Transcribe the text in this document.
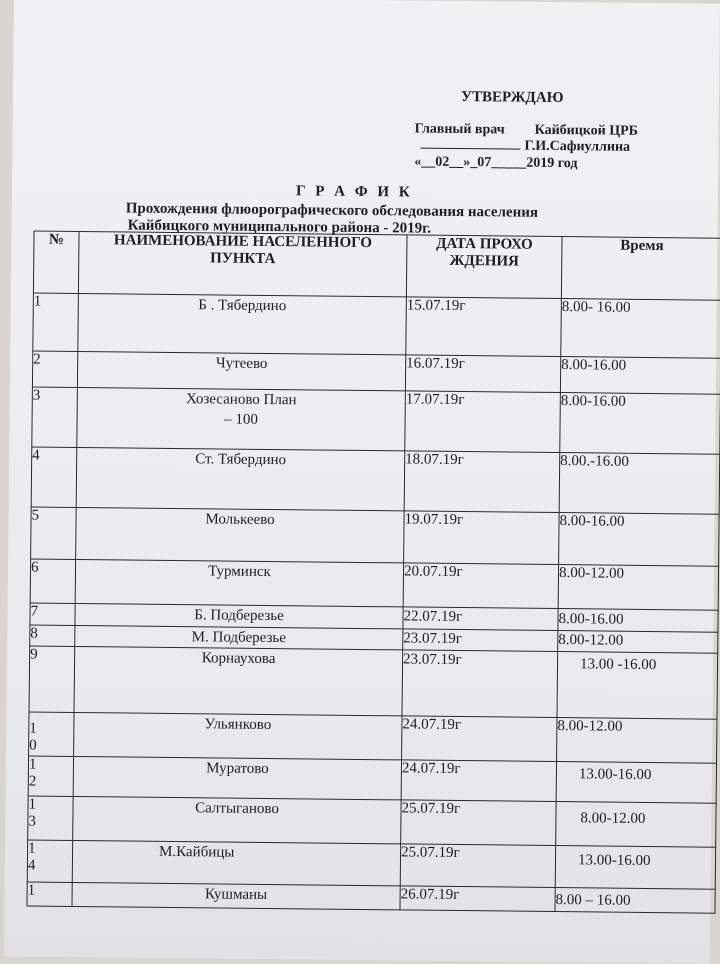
УТВЕРЖДАЮ
Главный врач Кайбицкой ЦРБ
Г.И.Сафиуллина
«__02__»_07_____2019 год
Г Р А Ф И К
Прохождения флюорографического обследования населения
Кайбицкого муниципального района - 2019г.
№	НАИМЕНОВАНИЕ НАСЕЛЕННОГО ПУНКТА	ДАТА ПРОХО ЖДЕНИЯ	Время
1	Б . Тябердино	15.07.19г	8.00- 16.00
2	Чутеево	16.07.19г	8.00-16.00
3	Хозесаново План – 100	17.07.19г	8.00-16.00
4	Ст. Тябердино	18.07.19г	8.00.-16.00
5	Молькеево	19.07.19г	8.00-16.00
6	Турминск	20.07.19г	8.00-12.00
7	Б. Подберезье	22.07.19г	8.00-16.00
8	М. Подберезье	23.07.19г	8.00-12.00
9	Корнаухова	23.07.19г	13.00 -16.00

10	Ульянково	24.07.19г	8.00-12.00

12	Муратово	24.07.19г	13.00-16.00

13	Салтыганово	25.07.19г	8.00-12.00

14	М.Кайбицы	25.07.19г	13.00-16.00
1	Кушманы	26.07.19г	8.00 – 16.00
